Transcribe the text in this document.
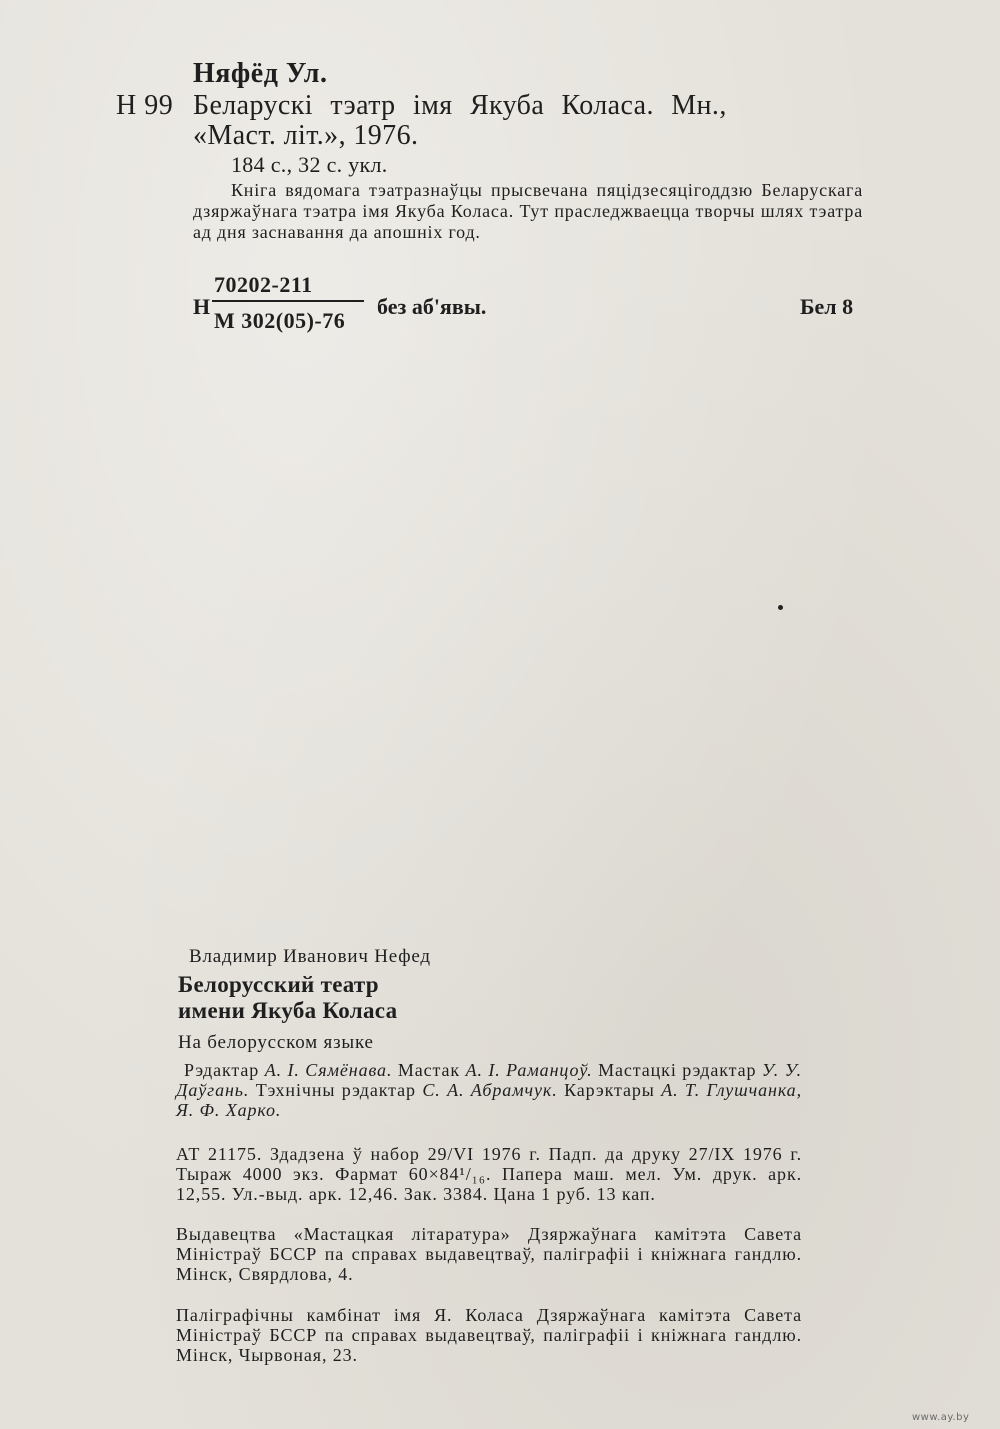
Няфёд Ул.
Н 99 Беларускі тэатр імя Якуба Коласа. Мн.,
«Маст. літ.», 1976.
184 с., 32 с. укл.
Кніга вядомага тэатразнаўцы прысвечана пяцідзесяцігоддзю Беларускага дзяржаўнага тэатра імя Якуба Коласа. Тут праследжваецца творчы шлях тэатра ад дня заснавання да апошніх год.
Н
70202-211
М 302(05)-76
без аб'явы.	Бел 8
Владимир Иванович Нефед
Белорусский театр
имени Якуба Коласа
На белорусском языке
Рэдактар А. І. Сямёнава. Мастак А. І. Раманцоў. Мастацкі рэдактар У. У. Даўгань. Тэхнічны рэдактар С. А. Абрамчук. Карэктары А. Т. Глушчанка, Я. Ф. Харко.
АТ 21175. Здадзена ў набор 29/VI 1976 г. Падп. да друку 27/IX 1976 г. Тыраж 4000 экз. Фармат 60×84¹/₁₆. Папера маш. мел. Ум. друк. арк. 12,55. Ул.-выд. арк. 12,46. Зак. 3384. Цана 1 руб. 13 кап.
Выдавецтва «Мастацкая літаратура» Дзяржаўнага камітэта Савета Міністраў БССР па справах выдавецтваў, паліграфіі і кніжнага гандлю. Мінск, Свярдлова, 4.
Паліграфічны камбінат імя Я. Коласа Дзяржаўнага камітэта Савета Міністраў БССР па справах выдавецтваў, паліграфіі і кніжнага гандлю. Мінск, Чырвоная, 23.
www.ay.by
